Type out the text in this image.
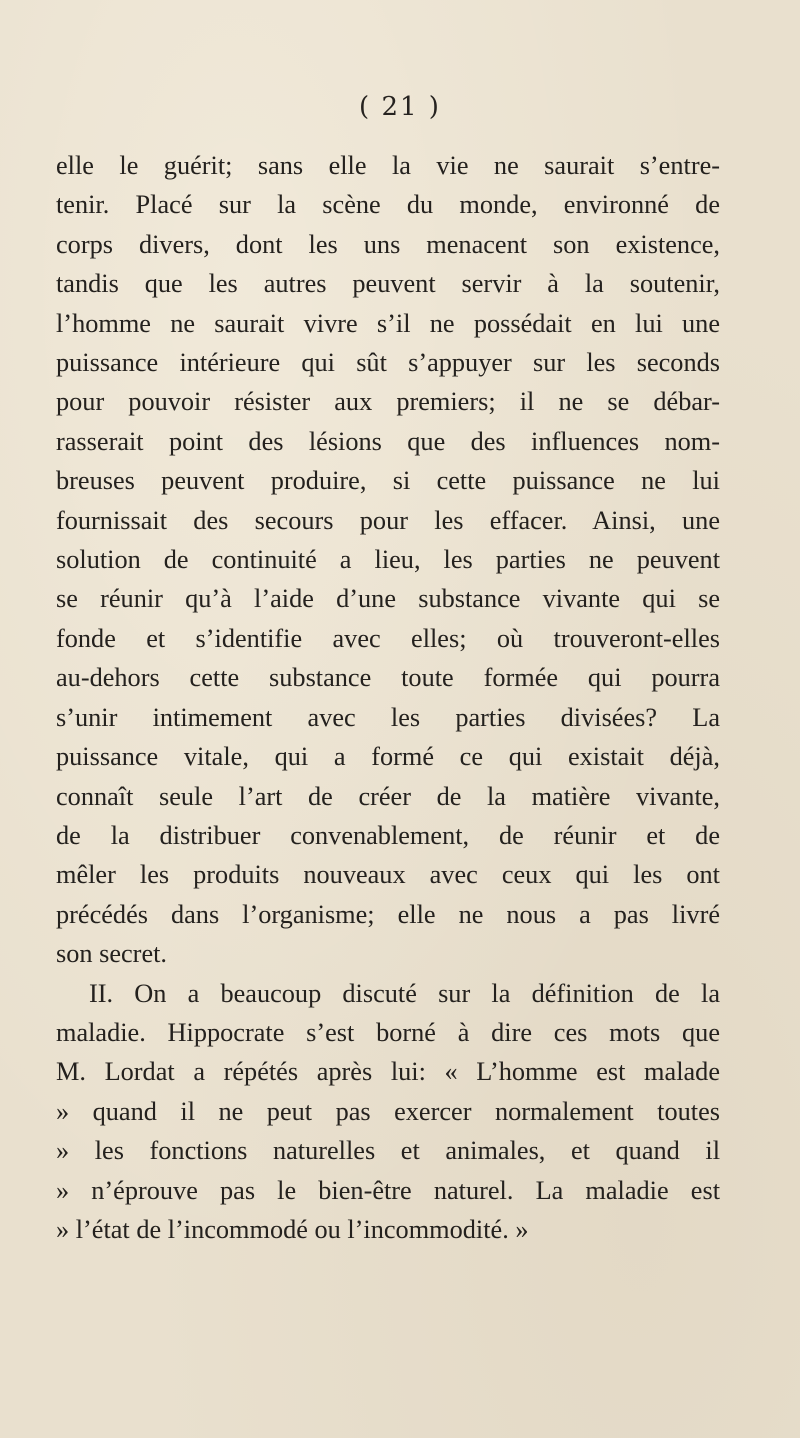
( 21 )

elle le guérit; sans elle la vie ne saurait s’entre-
tenir. Placé sur la scène du monde, environné de
corps divers, dont les uns menacent son existence,
tandis que les autres peuvent servir à la soutenir,
l’homme ne saurait vivre s’il ne possédait en lui une
puissance intérieure qui sût s’appuyer sur les seconds
pour pouvoir résister aux premiers; il ne se débar-
rasserait point des lésions que des influences nom-
breuses peuvent produire, si cette puissance ne lui
fournissait des secours pour les effacer. Ainsi, une
solution de continuité a lieu, les parties ne peuvent
se réunir qu’à l’aide d’une substance vivante qui se
fonde et s’identifie avec elles; où trouveront-elles
au-dehors cette substance toute formée qui pourra
s’unir intimement avec les parties divisées? La
puissance vitale, qui a formé ce qui existait déjà,
connaît seule l’art de créer de la matière vivante,
de la distribuer convenablement, de réunir et de
mêler les produits nouveaux avec ceux qui les ont
précédés dans l’organisme; elle ne nous a pas livré
son secret.

II. On a beaucoup discuté sur la définition de la
maladie. Hippocrate s’est borné à dire ces mots que
M. Lordat a répétés après lui: « L’homme est malade
» quand il ne peut pas exercer normalement toutes
» les fonctions naturelles et animales, et quand il
» n’éprouve pas le bien-être naturel. La maladie est
» l’état de l’incommodé ou l’incommodité. »
